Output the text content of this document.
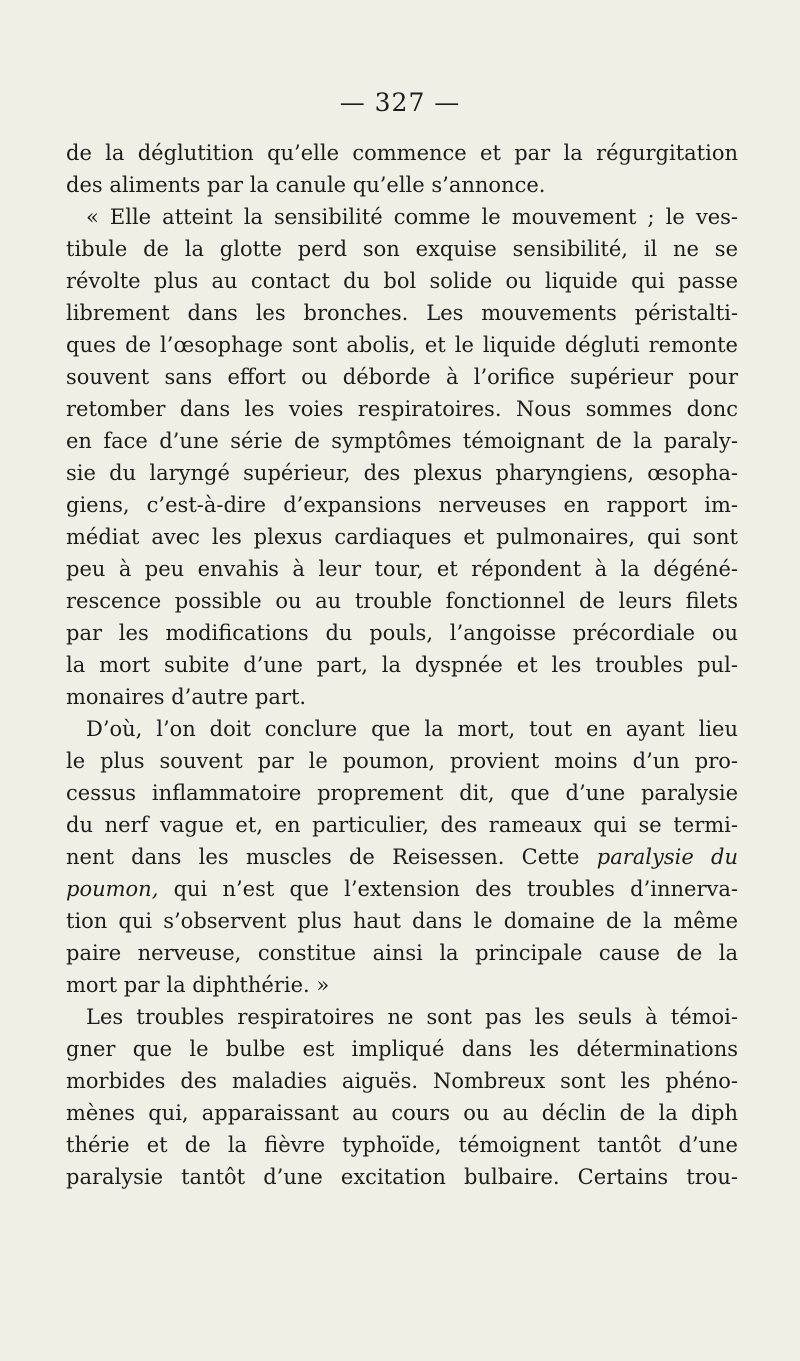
— 327 —
de la déglutition qu’elle commence et par la régurgitation
des aliments par la canule qu’elle s’annonce.
« Elle atteint la sensibilité comme le mouvement ; le ves-
tibule de la glotte perd son exquise sensibilité, il ne se
révolte plus au contact du bol solide ou liquide qui passe
librement dans les bronches. Les mouvements péristalti-
ques de l’œsophage sont abolis, et le liquide dégluti remonte
souvent sans effort ou déborde à l’orifice supérieur pour
retomber dans les voies respiratoires. Nous sommes donc
en face d’une série de symptômes témoignant de la paraly-
sie du laryngé supérieur, des plexus pharyngiens, œsopha-
giens, c’est-à-dire d’expansions nerveuses en rapport im-
médiat avec les plexus cardiaques et pulmonaires, qui sont
peu à peu envahis à leur tour, et répondent à la dégéné-
rescence possible ou au trouble fonctionnel de leurs filets
par les modifications du pouls, l’angoisse précordiale ou
la mort subite d’une part, la dyspnée et les troubles pul-
monaires d’autre part.
D’où, l’on doit conclure que la mort, tout en ayant lieu
le plus souvent par le poumon, provient moins d’un pro-
cessus inflammatoire proprement dit, que d’une paralysie
du nerf vague et, en particulier, des rameaux qui se termi-
nent dans les muscles de Reisessen. Cette paralysie du
poumon, qui n’est que l’extension des troubles d’innerva-
tion qui s’observent plus haut dans le domaine de la même
paire nerveuse, constitue ainsi la principale cause de la
mort par la diphthérie. »
Les troubles respiratoires ne sont pas les seuls à témoi-
gner que le bulbe est impliqué dans les déterminations
morbides des maladies aiguës. Nombreux sont les phéno-
mènes qui, apparaissant au cours ou au déclin de la diph
thérie et de la fièvre typhoïde, témoignent tantôt d’une
paralysie tantôt d’une excitation bulbaire. Certains trou-
